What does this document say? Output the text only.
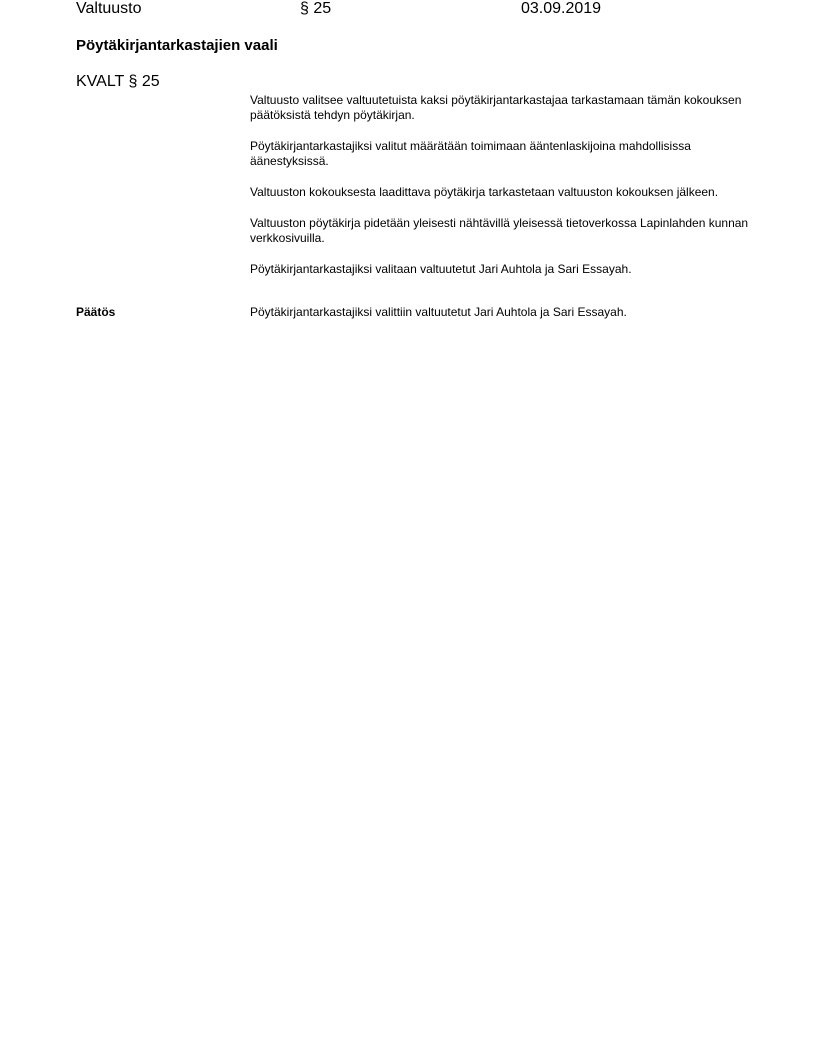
Valtuusto	§ 25	03.09.2019
Pöytäkirjantarkastajien vaali
KVALT § 25

Valtuusto valitsee valtuutetuista kaksi pöytäkirjantarkastajaa tarkastamaan tämän kokouksen päätöksistä tehdyn pöytäkirjan.

Pöytäkirjantarkastajiksi valitut määrätään toimimaan ääntenlaskijoina mahdollisissa äänestyksissä.

Valtuuston kokouksesta laadittava pöytäkirja tarkastetaan valtuuston kokouksen jälkeen.

Valtuuston pöytäkirja pidetään yleisesti nähtävillä yleisessä tietoverkossa Lapinlahden kunnan verkkosivuilla.

Pöytäkirjantarkastajiksi valitaan valtuutetut Jari Auhtola ja Sari Essayah.

Päätös	Pöytäkirjantarkastajiksi valittiin valtuutetut Jari Auhtola ja Sari Essayah.
